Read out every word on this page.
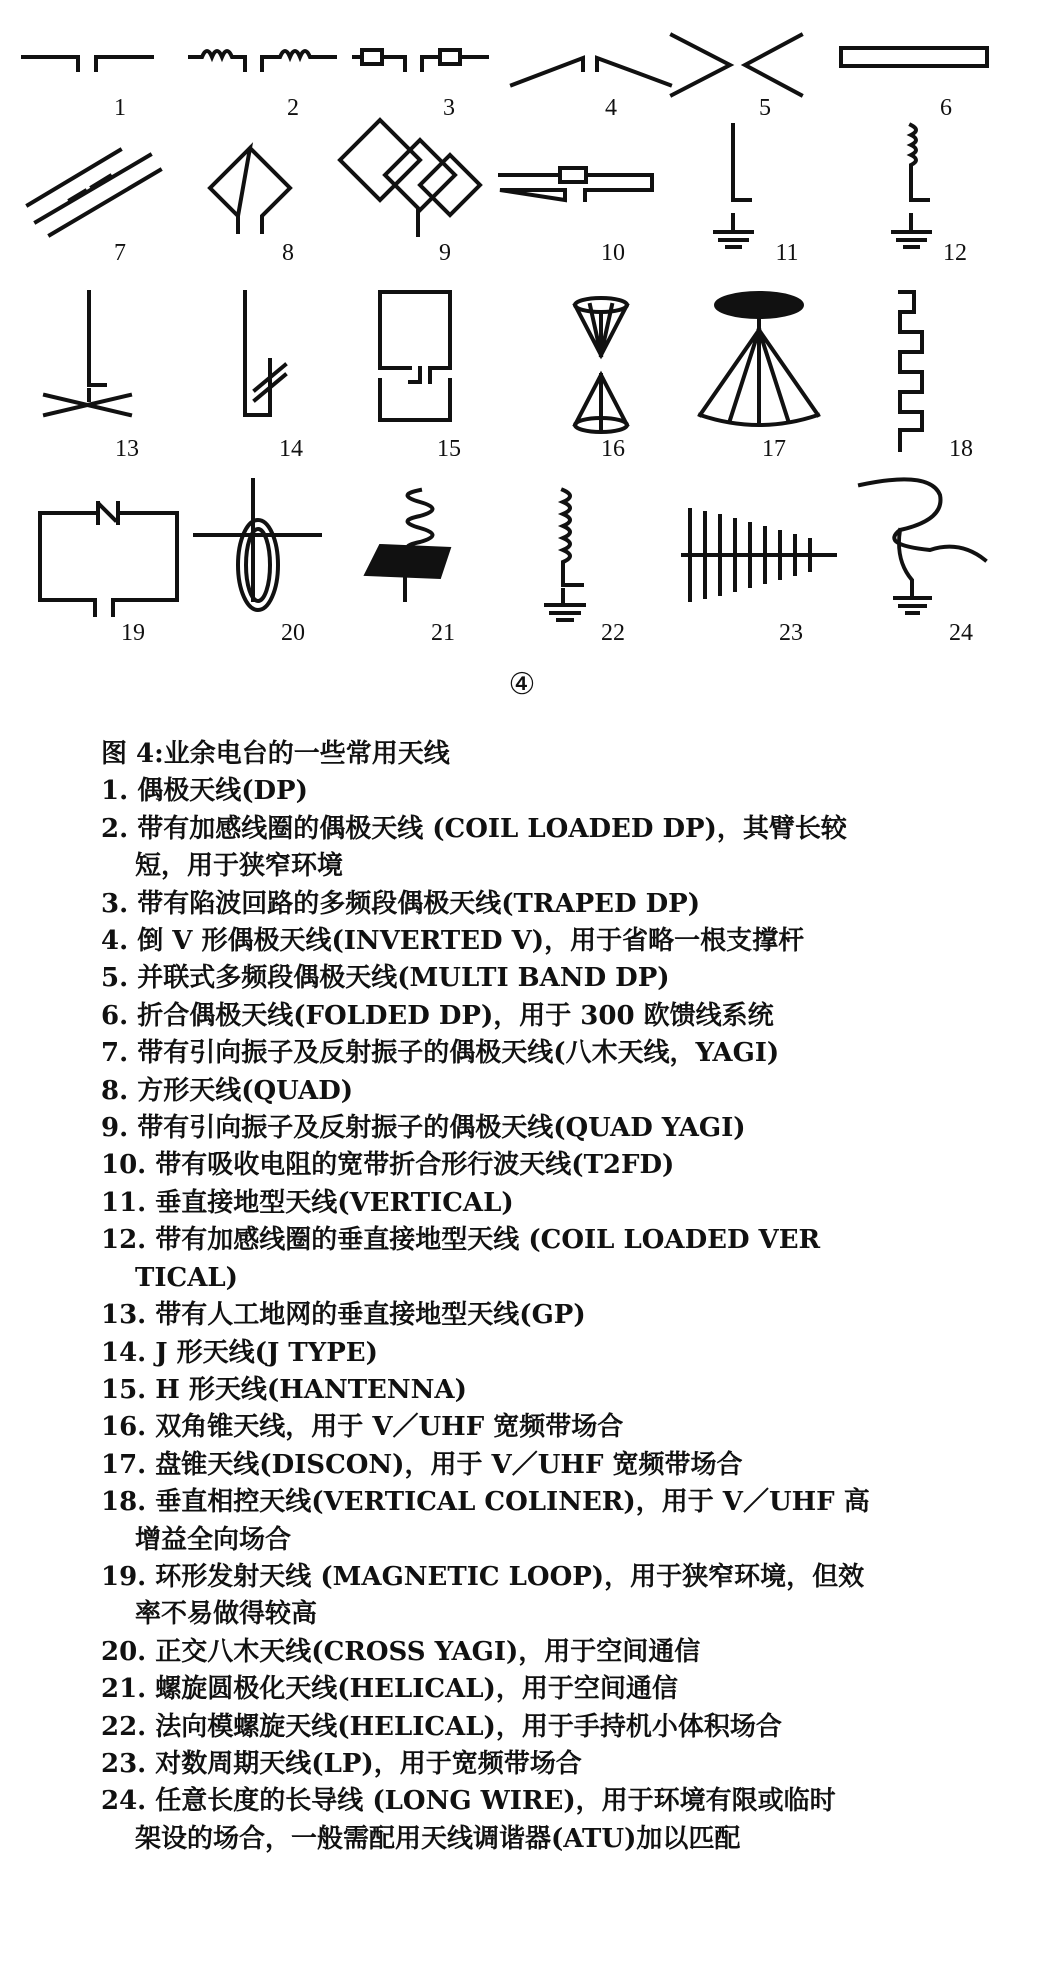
1	2	3	4	5	6
7	8	9	10	11	12
13	14	15	16	17	18
19	20	21	22	23	24
④
图 4:业余电台的一些常用天线
1. 偶极天线(DP)
2. 带有加感线圈的偶极天线 (COIL LOADED DP)，其臂长较
短，用于狭窄环境
3. 带有陷波回路的多频段偶极天线(TRAPED DP)
4. 倒 V 形偶极天线(INVERTED V)，用于省略一根支撑杆
5. 并联式多频段偶极天线(MULTI BAND DP)
6. 折合偶极天线(FOLDED DP)，用于 300 欧馈线系统
7. 带有引向振子及反射振子的偶极天线(八木天线，YAGI)
8. 方形天线(QUAD)
9. 带有引向振子及反射振子的偶极天线(QUAD YAGI)
10. 带有吸收电阻的宽带折合形行波天线(T2FD)
11. 垂直接地型天线(VERTICAL)
12. 带有加感线圈的垂直接地型天线 (COIL LOADED VER
TICAL)
13. 带有人工地网的垂直接地型天线(GP)
14. J 形天线(J TYPE)
15. H 形天线(HANTENNA)
16. 双角锥天线，用于 V／UHF 宽频带场合
17. 盘锥天线(DISCON)，用于 V／UHF 宽频带场合
18. 垂直相控天线(VERTICAL COLINER)，用于 V／UHF 高
增益全向场合
19. 环形发射天线 (MAGNETIC LOOP)，用于狭窄环境，但效
率不易做得较高
20. 正交八木天线(CROSS YAGI)，用于空间通信
21. 螺旋圆极化天线(HELICAL)，用于空间通信
22. 法向模螺旋天线(HELICAL)，用于手持机小体积场合
23. 对数周期天线(LP)，用于宽频带场合
24. 任意长度的长导线 (LONG WIRE)，用于环境有限或临时
架设的场合，一般需配用天线调谐器(ATU)加以匹配
